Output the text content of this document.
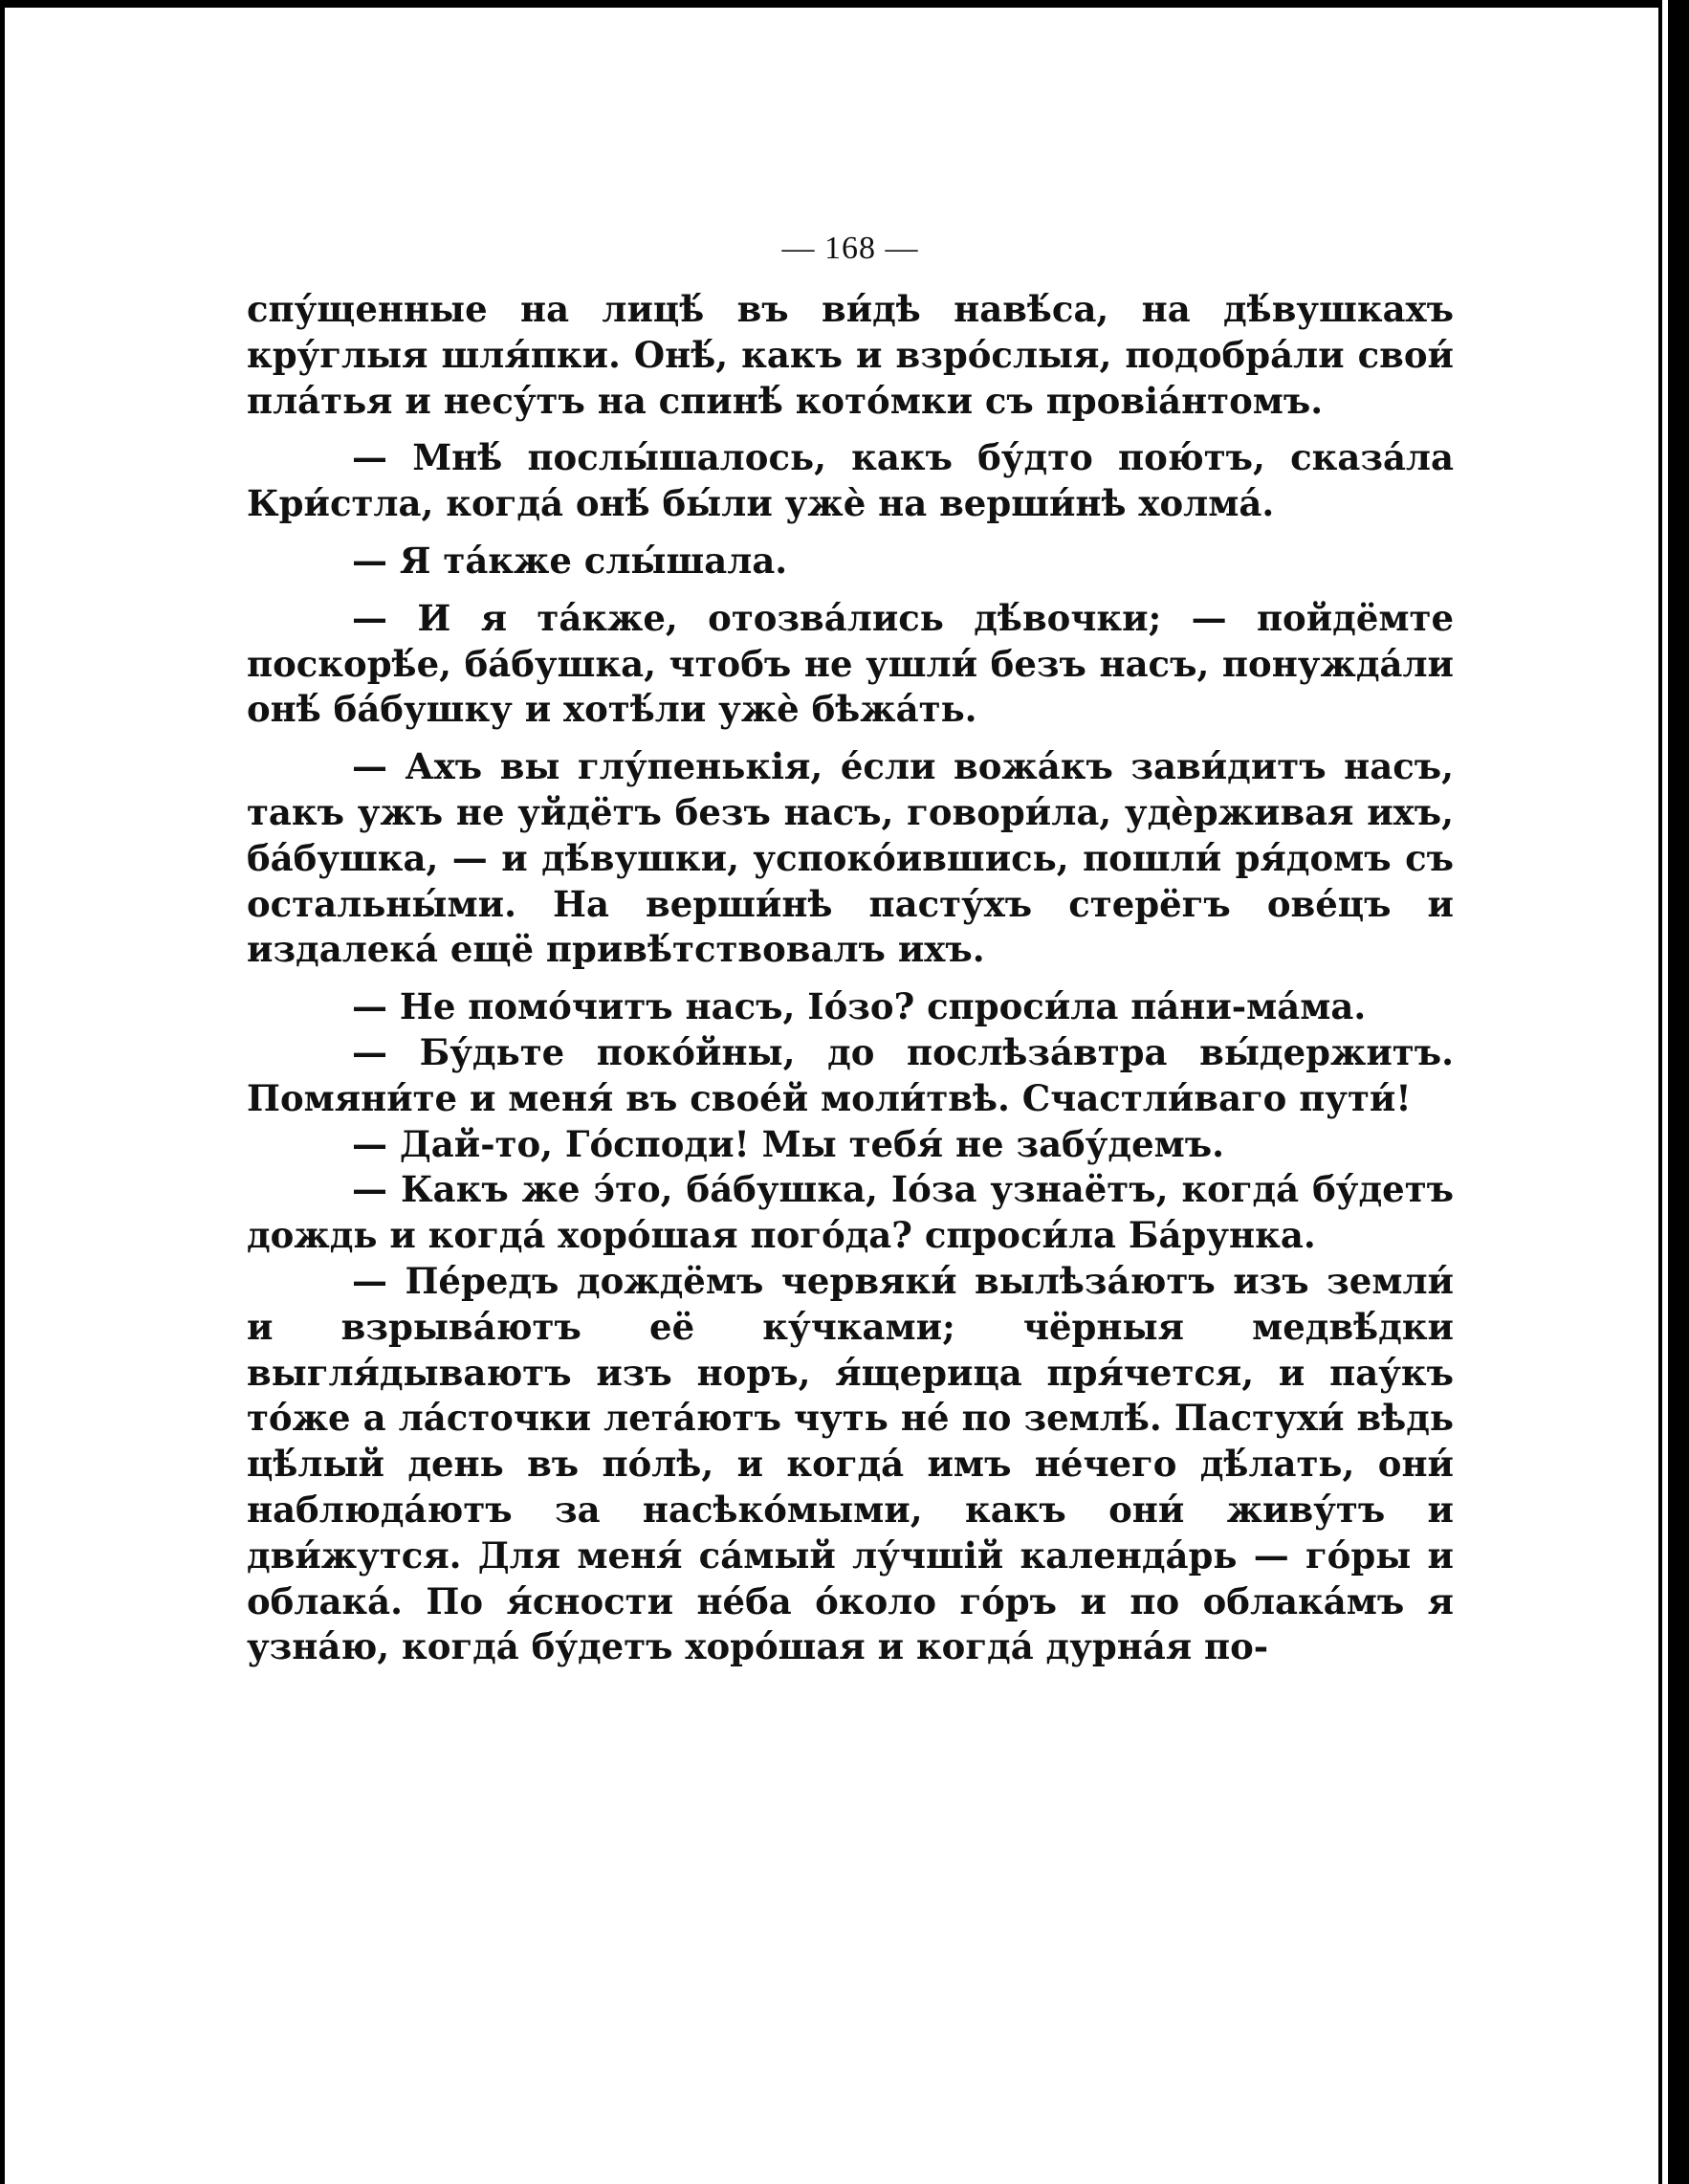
— 168 —

спу́щенные на лицѣ́ въ ви́дѣ навѣ́са, на дѣ́вушкахъ кру́глыя шля́пки. Онѣ́, какъ и взро́слыя, подобра́ли свои́ пла́тья и несу́тъ на спинѣ́ кото́мки съ провіа́нтомъ.

— Мнѣ́ послы́шалось, какъ бу́дто пою́тъ, сказа́ла Кри́стла, когда́ онѣ́ бы́ли ужѐ на верши́нѣ холма́.

— Я та́кже слы́шала.

— И я та́кже, отозва́лись дѣ́вочки; — пойдёмте поскорѣ́е, ба́бушка, чтобъ не ушли́ безъ насъ, понужда́ли онѣ́ ба́бушку и хотѣ́ли ужѐ бѣжа́ть.

— Ахъ вы глу́пенькія, е́сли вожа́къ зави́дитъ насъ, такъ ужъ не уйдётъ безъ насъ, говори́ла, удѐрживая ихъ, ба́бушка, — и дѣ́вушки, успоко́ившись, пошли́ ря́домъ съ остальны́ми. На верши́нѣ пасту́хъ стерёгъ ове́цъ и издалека́ ещё привѣ́тствовалъ ихъ.

— Не помо́читъ насъ, Іо́зо? спроси́ла па́ни-ма́ма.

— Бу́дьте поко́йны, до послѣза́втра вы́держитъ. Помяни́те и меня́ въ свое́й моли́твѣ. Счастли́ваго пути́!

— Дай-то, Го́споди! Мы тебя́ не забу́демъ.

— Какъ же э́то, ба́бушка, Іо́за узнаётъ, когда́ бу́детъ дождь и когда́ хоро́шая пого́да? спроси́ла Ба́рунка.

— Пе́редъ дождёмъ червяки́ вылѣза́ютъ изъ земли́ и взрыва́ютъ её ку́чками; чёрныя медвѣ́дки выгля́дываютъ изъ норъ, я́щерица пря́чется, и пау́къ то́же а ла́сточки лета́ютъ чуть не́ по землѣ́. Пастухи́ вѣдь цѣ́лый день въ по́лѣ, и когда́ имъ не́чего дѣ́лать, они́ наблюда́ютъ за насѣко́мыми, какъ они́ живу́тъ и дви́жутся. Для меня́ са́мый лу́чшій календа́рь — го́ры и облака́. По я́сности не́ба о́коло го́ръ и по облака́мъ я узна́ю, когда́ бу́детъ хоро́шая и когда́ дурна́я по-
